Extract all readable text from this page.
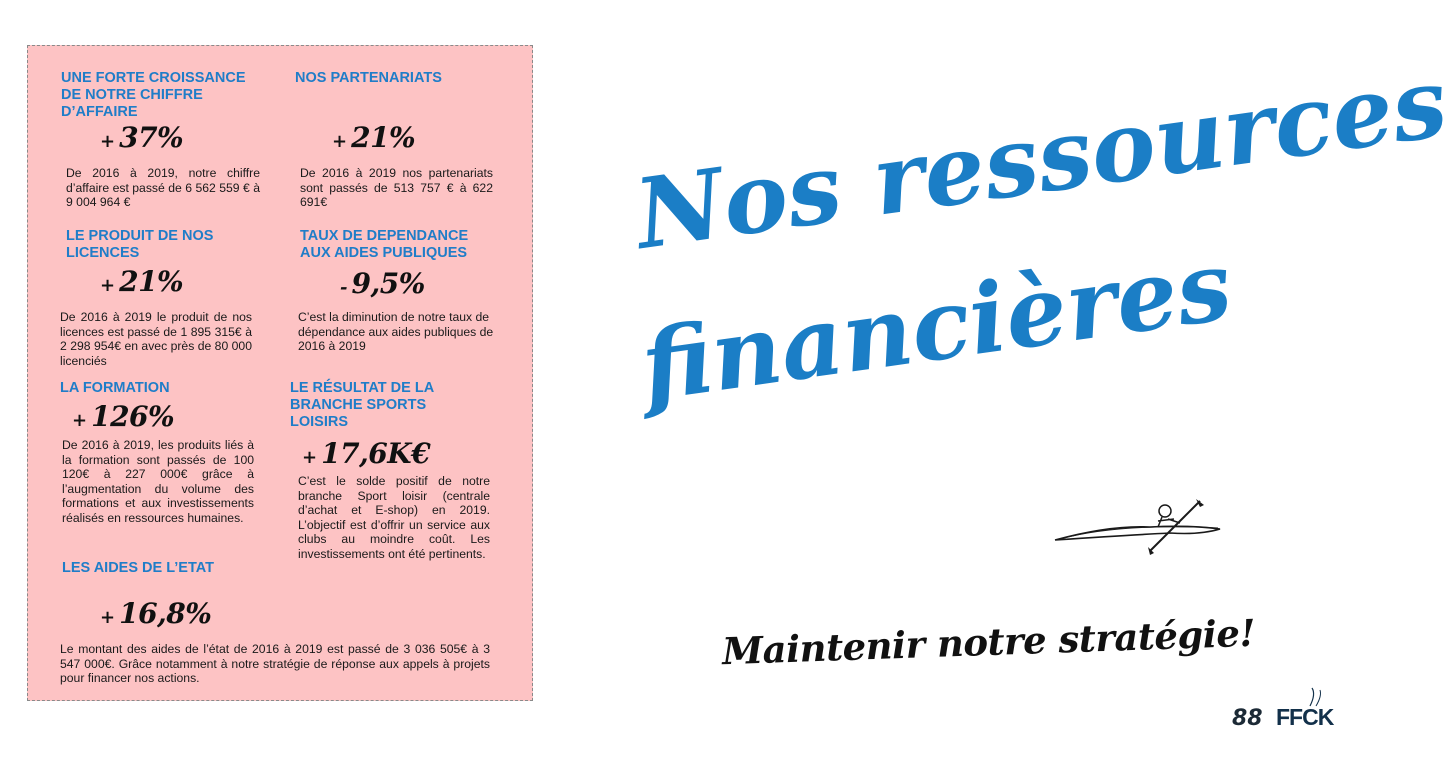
UNE FORTE CROISSANCE DE NOTRE CHIFFRE D’AFFAIRE
+ 37%

De 2016 à 2019, notre chiffre d’affaire est passé de 6 562 559 € à 9 004 964 €

NOS PARTENARIATS
+ 21%

De 2016 à 2019 nos partenariats sont passés de 513 757 € à 622 691€

LE PRODUIT DE NOS LICENCES
+ 21%

De 2016 à 2019 le produit de nos licences est passé de 1 895 315€ à 2 298 954€ en avec près de 80 000 licenciés

TAUX DE DEPENDANCE AUX AIDES PUBLIQUES
- 9,5%

C’est la diminution de notre taux de dépendance aux aides publiques de 2016 à 2019

LA FORMATION
+ 126%

De 2016 à 2019, les produits liés à la formation sont passés de 100 120€ à 227 000€ grâce à l’augmentation du volume des formations et aux investissements réalisés en ressources humaines.

LE RÉSULTAT DE LA BRANCHE SPORTS LOISIRS
+ 17,6K€

C’est le solde positif de notre branche Sport loisir (centrale d’achat et E-shop) en 2019. L’objectif est d’offrir un service aux clubs au moindre coût. Les investissements ont été pertinents.

LES AIDES DE L’ETAT
+ 16,8%

Le montant des aides de l’état de 2016 à 2019 est passé de 3 036 505€ à 3 547 000€. Grâce notamment à notre stratégie de réponse aux appels à projets pour financer nos actions.

Nos ressources
financières

Maintenir notre stratégie!

88 FFCK
